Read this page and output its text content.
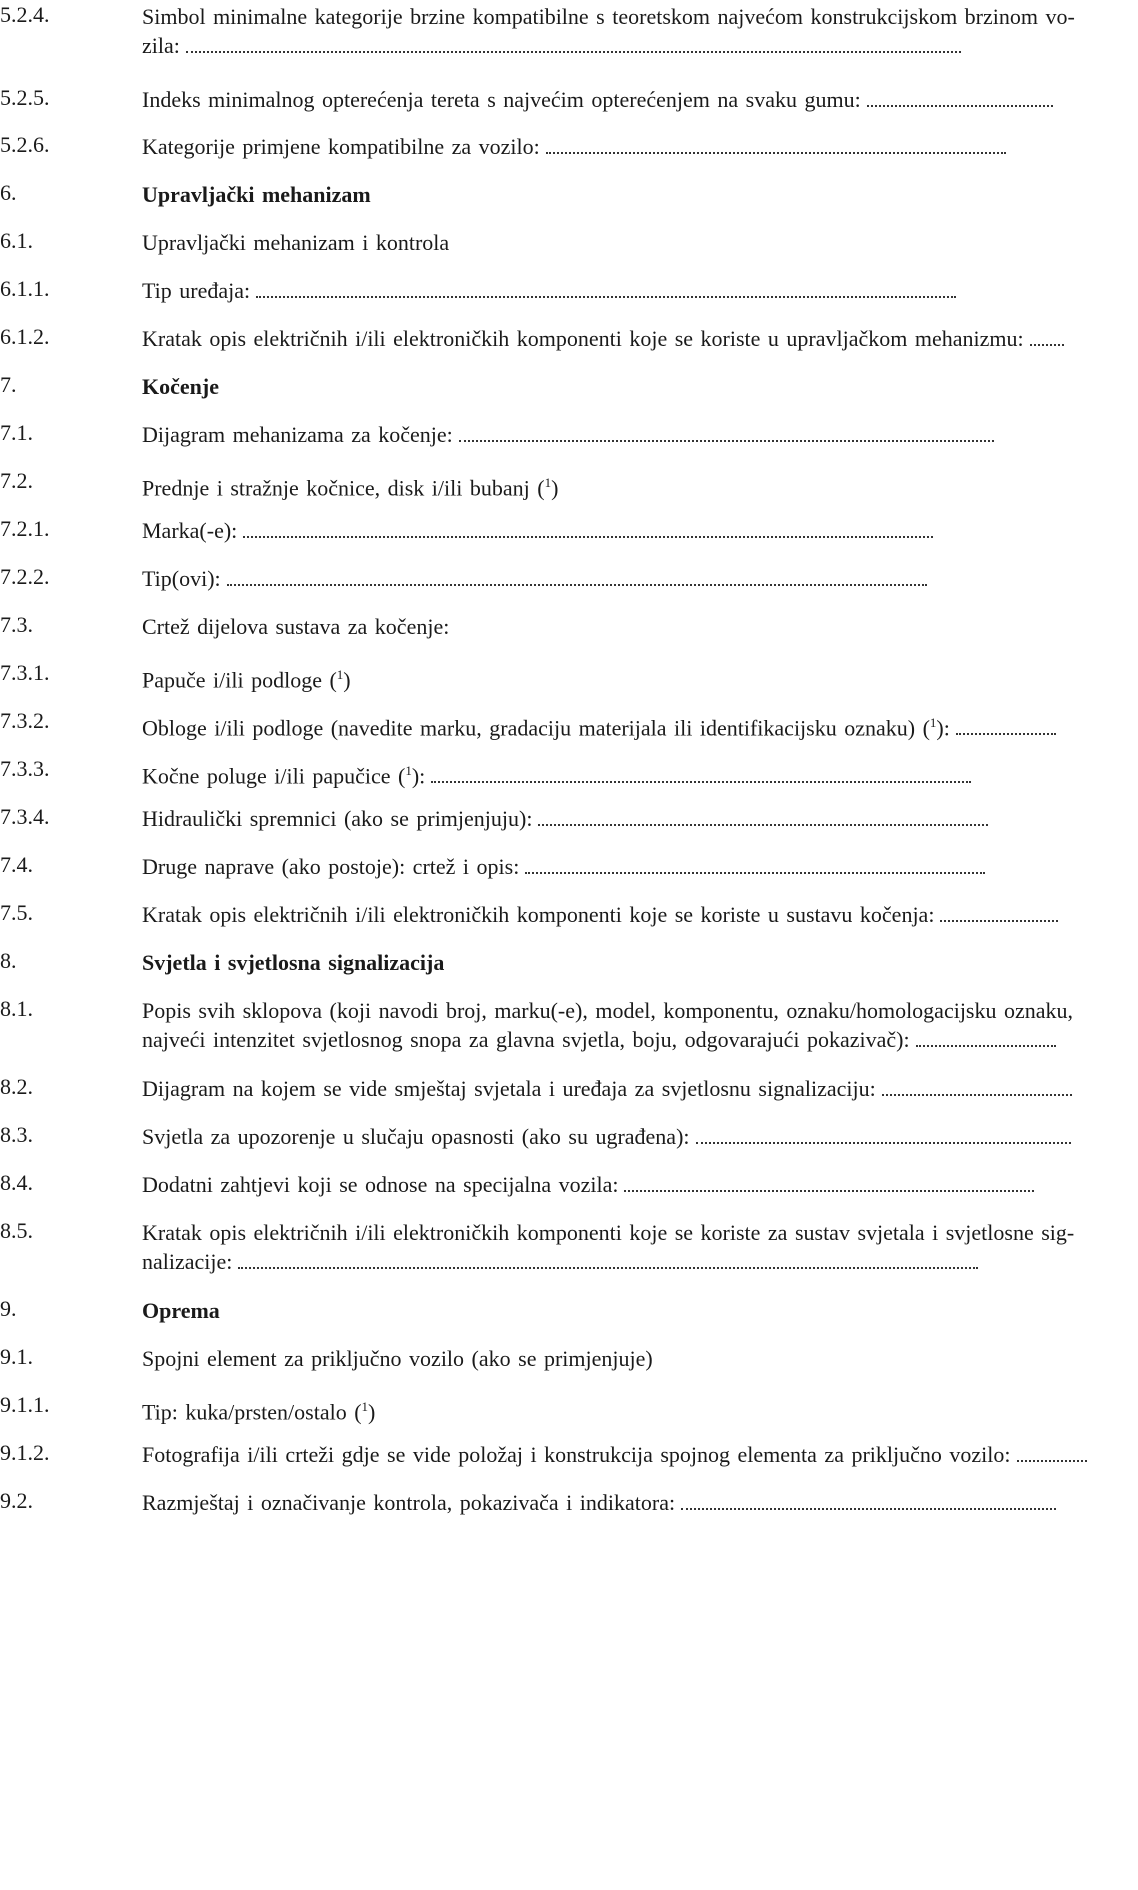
5.2.4.	Simbol minimalne kategorije brzine kompatibilne s teoretskom najvećom konstrukcijskom brzinom vo-
zila:
5.2.5.	Indeks minimalnog opterećenja tereta s najvećim opterećenjem na svaku gumu:
5.2.6.	Kategorije primjene kompatibilne za vozilo:
6.	Upravljački mehanizam
6.1.	Upravljački mehanizam i kontrola
6.1.1.	Tip uređaja:
6.1.2.	Kratak opis električnih i/ili elektroničkih komponenti koje se koriste u upravljačkom mehanizmu:
7.	Kočenje
7.1.	Dijagram mehanizama za kočenje:
7.2.	Prednje i stražnje kočnice, disk i/ili bubanj ($^1$)
7.2.1.	Marka(-e):
7.2.2.	Tip(ovi):
7.3.	Crtež dijelova sustava za kočenje:
7.3.1.	Papuče i/ili podloge ($^1$)
7.3.2.	Obloge i/ili podloge (navedite marku, gradaciju materijala ili identifikacijsku oznaku) ($^1$):
7.3.3.	Kočne poluge i/ili papučice ($^1$):
7.3.4.	Hidraulički spremnici (ako se primjenjuju):
7.4.	Druge naprave (ako postoje): crtež i opis:
7.5.	Kratak opis električnih i/ili elektroničkih komponenti koje se koriste u sustavu kočenja:
8.	Svjetla i svjetlosna signalizacija
8.1.	Popis svih sklopova (koji navodi broj, marku(-e), model, komponentu, oznaku/homologacijsku oznaku,
najveći intenzitet svjetlosnog snopa za glavna svjetla, boju, odgovarajući pokazivač):
8.2.	Dijagram na kojem se vide smještaj svjetala i uređaja za svjetlosnu signalizaciju:
8.3.	Svjetla za upozorenje u slučaju opasnosti (ako su ugrađena):
8.4.	Dodatni zahtjevi koji se odnose na specijalna vozila:
8.5.	Kratak opis električnih i/ili elektroničkih komponenti koje se koriste za sustav svjetala i svjetlosne sig-
nalizacije:
9.	Oprema
9.1.	Spojni element za priključno vozilo (ako se primjenjuje)
9.1.1.	Tip: kuka/prsten/ostalo ($^1$)
9.1.2.	Fotografija i/ili crteži gdje se vide položaj i konstrukcija spojnog elementa za priključno vozilo:
9.2.	Razmještaj i označivanje kontrola, pokazivača i indikatora:
